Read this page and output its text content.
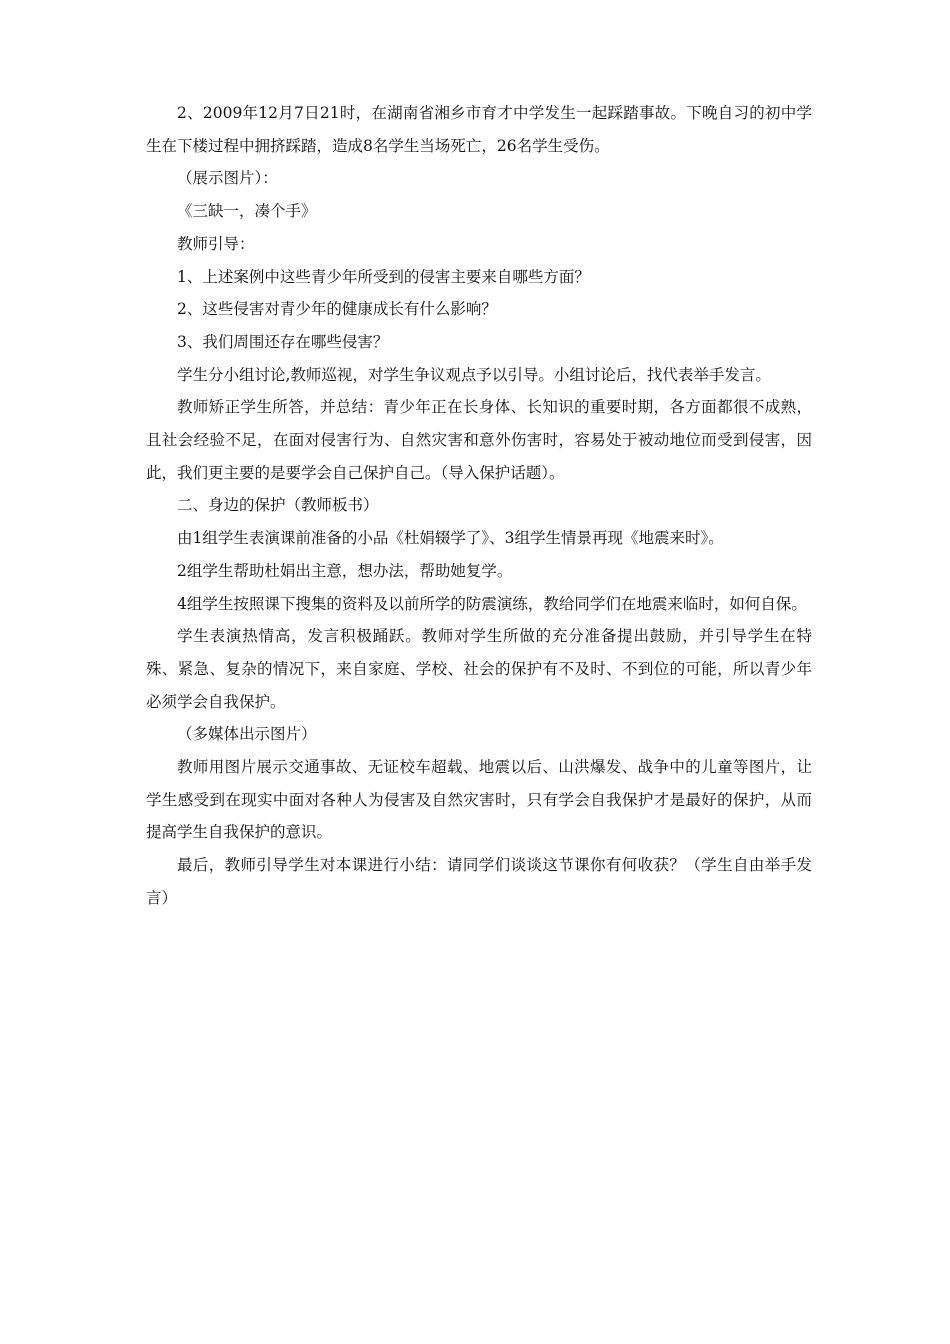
2、2009年12月7日21时，在湖南省湘乡市育才中学发生一起踩踏事故。下晚自习的初中学生在下楼过程中拥挤踩踏，造成8名学生当场死亡，26名学生受伤。

（展示图片）：

《三缺一，凑个手》

教师引导：

1、上述案例中这些青少年所受到的侵害主要来自哪些方面？

2、这些侵害对青少年的健康成长有什么影响？

3、我们周围还存在哪些侵害？

学生分小组讨论,教师巡视，对学生争议观点予以引导。小组讨论后，找代表举手发言。

教师矫正学生所答，并总结：青少年正在长身体、长知识的重要时期，各方面都很不成熟，且社会经验不足，在面对侵害行为、自然灾害和意外伤害时，容易处于被动地位而受到侵害，因此，我们更主要的是要学会自己保护自己。（导入保护话题）。

二、身边的保护（教师板书）

由1组学生表演课前准备的小品《杜娟辍学了》、3组学生情景再现《地震来时》。

2组学生帮助杜娟出主意，想办法，帮助她复学。

4组学生按照课下搜集的资料及以前所学的防震演练，教给同学们在地震来临时，如何自保。

学生表演热情高，发言积极踊跃。教师对学生所做的充分准备提出鼓励，并引导学生在特殊、紧急、复杂的情况下，来自家庭、学校、社会的保护有不及时、不到位的可能，所以青少年必须学会自我保护。

（多媒体出示图片）

教师用图片展示交通事故、无证校车超载、地震以后、山洪爆发、战争中的儿童等图片，让学生感受到在现实中面对各种人为侵害及自然灾害时，只有学会自我保护才是最好的保护，从而提高学生自我保护的意识。

最后，教师引导学生对本课进行小结：请同学们谈谈这节课你有何收获？（学生自由举手发言）
